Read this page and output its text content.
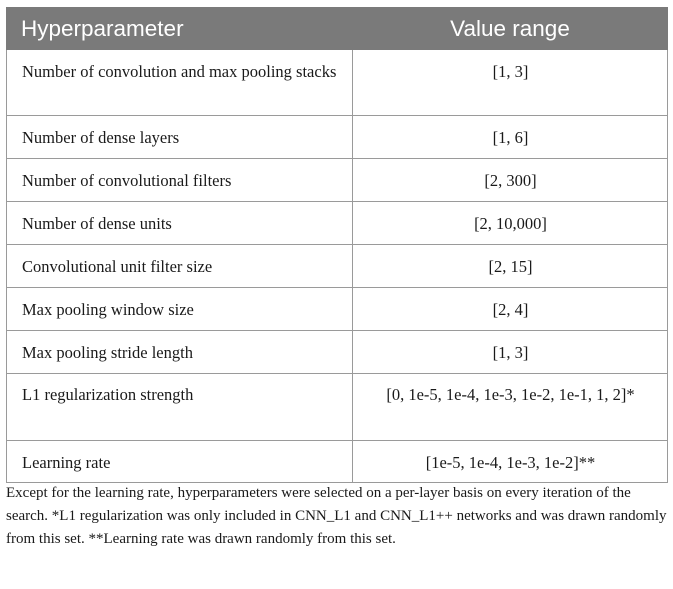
Hyperparameter	Value range
Number of convolution and max pooling stacks	[1, 3]
Number of dense layers	[1, 6]
Number of convolutional filters	[2, 300]
Number of dense units	[2, 10,000]
Convolutional unit filter size	[2, 15]
Max pooling window size	[2, 4]
Max pooling stride length	[1, 3]
L1 regularization strength	[0, 1e-5, 1e-4, 1e-3, 1e-2, 1e-1, 1, 2]*
Learning rate	[1e-5, 1e-4, 1e-3, 1e-2]**

Except for the learning rate, hyperparameters were selected on a per-layer basis on every iteration of the search. *L1 regularization was only included in CNN_L1 and CNN_L1++ networks and was drawn randomly from this set. **Learning rate was drawn randomly from this set.
